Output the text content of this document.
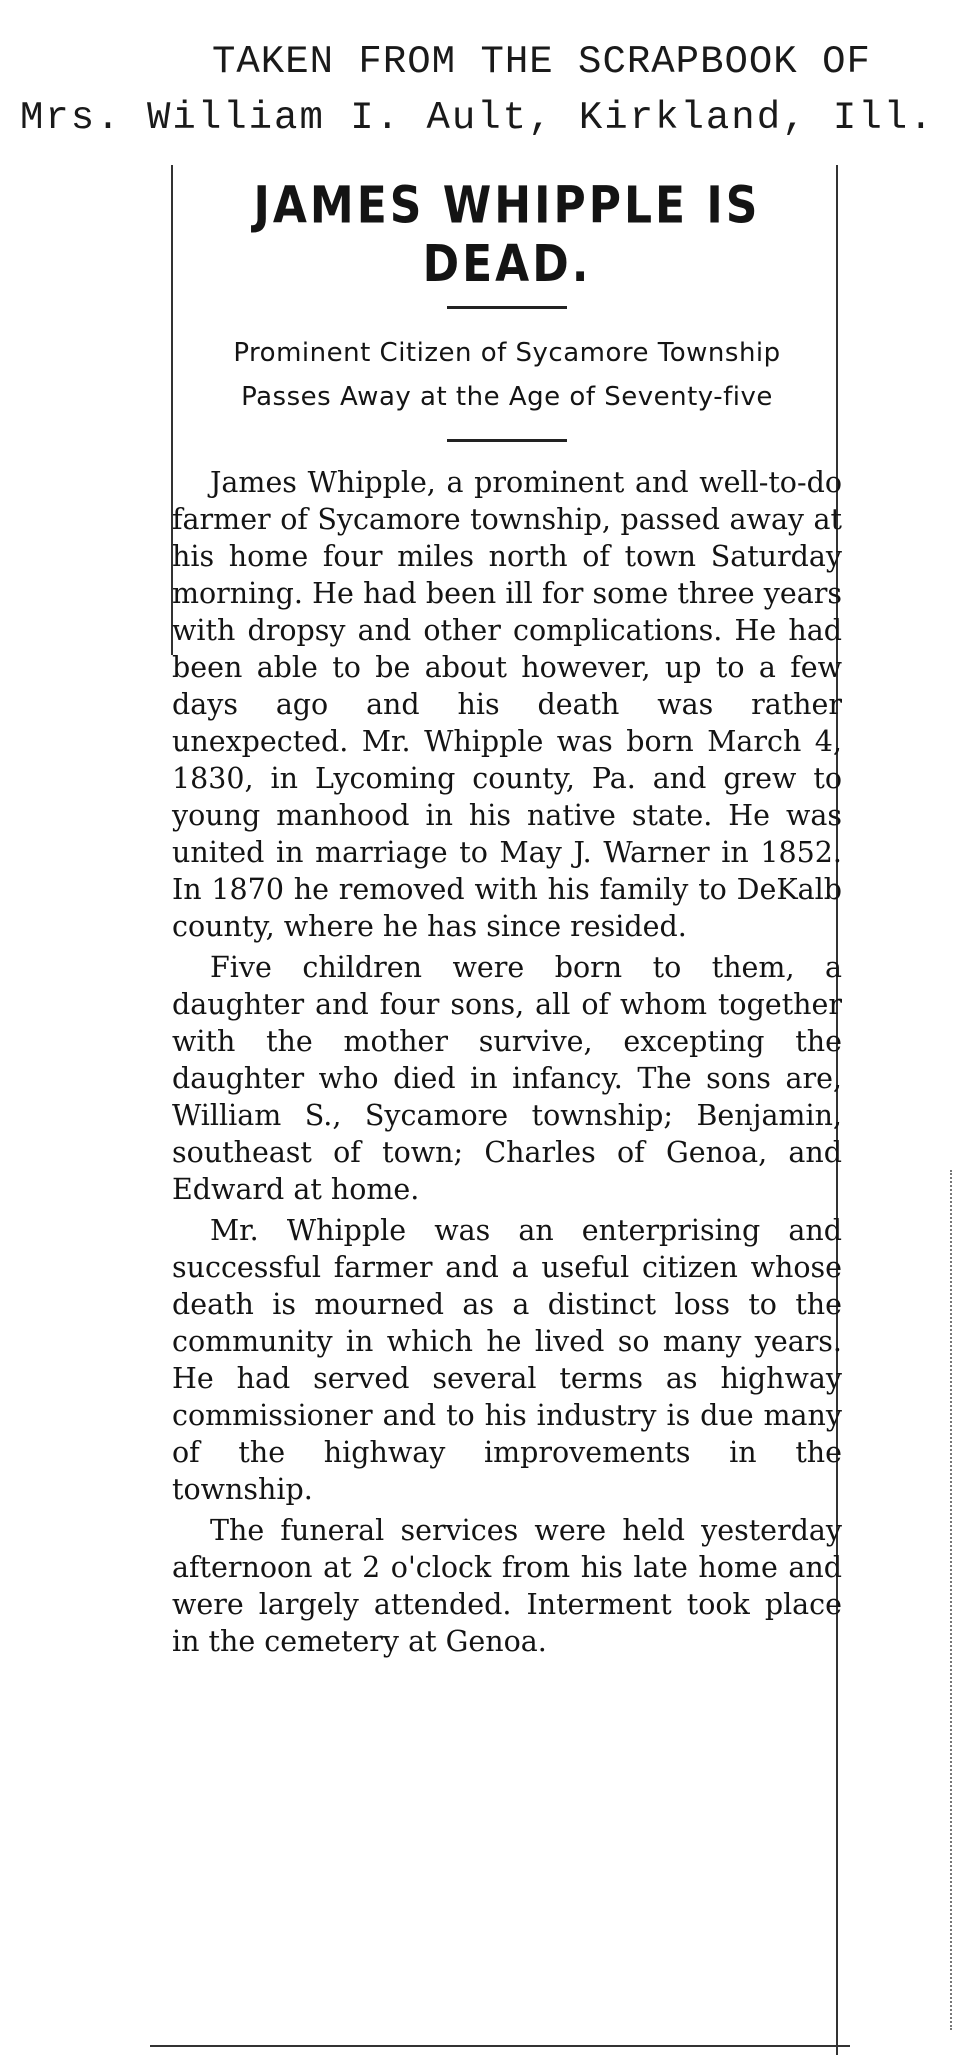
TAKEN FROM THE SCRAPBOOK OF
Mrs. William I. Ault, Kirkland, Ill.
JAMES WHIPPLE IS DEAD.
Prominent Citizen of Sycamore Township
Passes Away at the Age of Seventy-five

James Whipple, a prominent and well-to-do farmer of Sycamore township, passed away at his home four miles north of town Saturday morning. He had been ill for some three years with dropsy and other complications. He had been able to be about however, up to a few days ago and his death was rather unexpected. Mr. Whipple was born March 4, 1830, in Lycoming county, Pa. and grew to young manhood in his native state. He was united in marriage to May J. Warner in 1852. In 1870 he removed with his family to DeKalb county, where he has since resided.

Five children were born to them, a daughter and four sons, all of whom together with the mother survive, excepting the daughter who died in infancy. The sons are, William S., Sycamore township; Benjamin, southeast of town; Charles of Genoa, and Edward at home.

Mr. Whipple was an enterprising and successful farmer and a useful citizen whose death is mourned as a distinct loss to the community in which he lived so many years. He had served several terms as highway commissioner and to his industry is due many of the highway improvements in the township.

The funeral services were held yesterday afternoon at 2 o'clock from his late home and were largely attended. Interment took place in the cemetery at Genoa.
